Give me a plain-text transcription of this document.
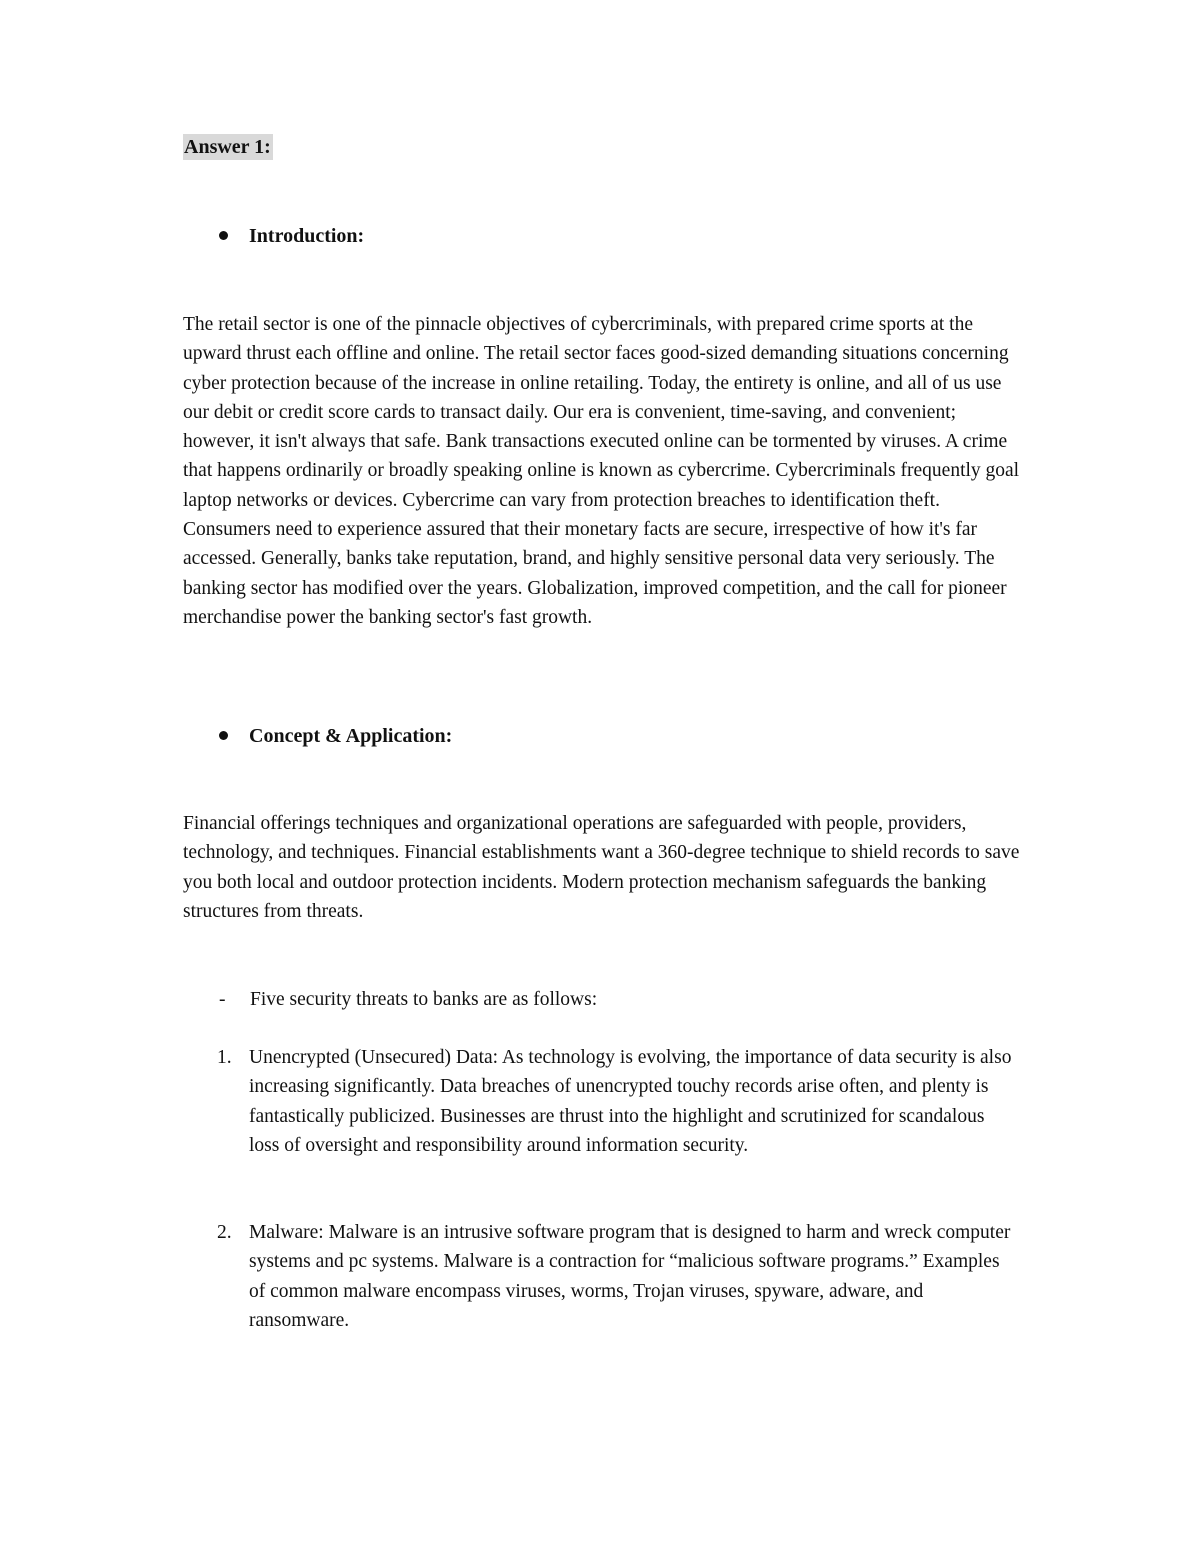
Answer 1:
Introduction:

The retail sector is one of the pinnacle objectives of cybercriminals, with prepared crime sports at the upward thrust each offline and online. The retail sector faces good-sized demanding situations concerning cyber protection because of the increase in online retailing. Today, the entirety is online, and all of us use our debit or credit score cards to transact daily. Our era is convenient, time-saving, and convenient; however, it isn't always that safe. Bank transactions executed online can be tormented by viruses. A crime that happens ordinarily or broadly speaking online is known as cybercrime. Cybercriminals frequently goal laptop networks or devices. Cybercrime can vary from protection breaches to identification theft. Consumers need to experience assured that their monetary facts are secure, irrespective of how it's far accessed. Generally, banks take reputation, brand, and highly sensitive personal data very seriously. The banking sector has modified over the years. Globalization, improved competition, and the call for pioneer merchandise power the banking sector's fast growth.

Concept & Application:

Financial offerings techniques and organizational operations are safeguarded with people, providers, technology, and techniques. Financial establishments want a 360-degree technique to shield records to save you both local and outdoor protection incidents. Modern protection mechanism safeguards the banking structures from threats.

- Five security threats to banks are as follows:

1. Unencrypted (Unsecured) Data: As technology is evolving, the importance of data security is also increasing significantly. Data breaches of unencrypted touchy records arise often, and plenty is fantastically publicized. Businesses are thrust into the highlight and scrutinized for scandalous loss of oversight and responsibility around information security.
2. Malware: Malware is an intrusive software program that is designed to harm and wreck computer systems and pc systems. Malware is a contraction for “malicious software programs.” Examples of common malware encompass viruses, worms, Trojan viruses, spyware, adware, and ransomware.
